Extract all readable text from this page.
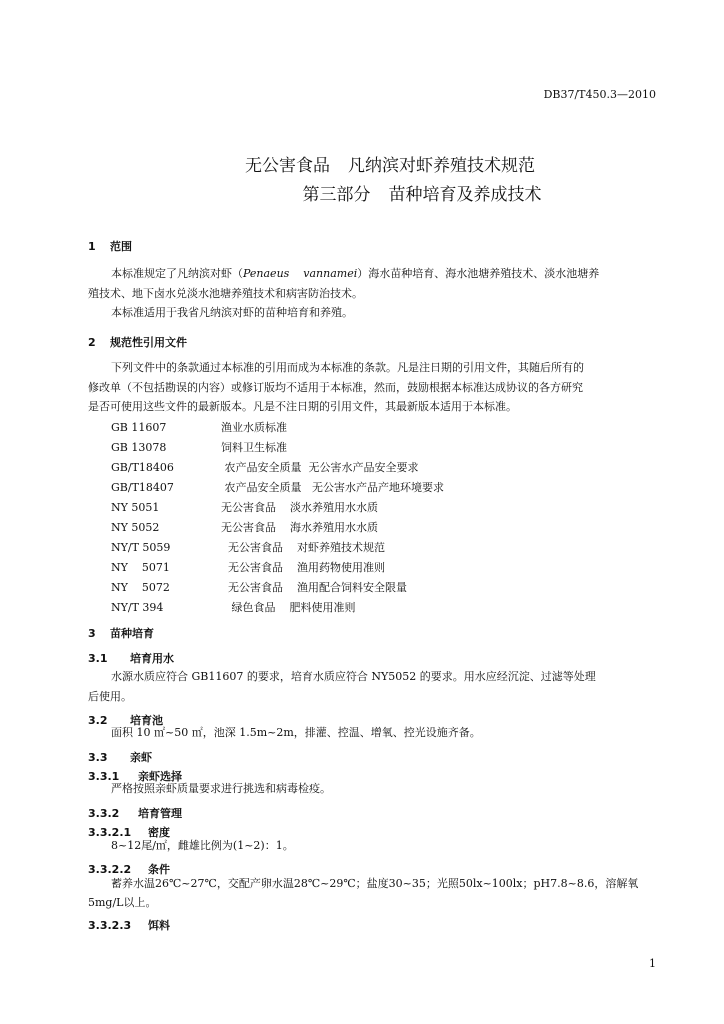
DB37/T450.3—2010
无公害食品 凡纳滨对虾养殖技术规范
第三部分 苗种培育及养成技术
1 范围
本标准规定了凡纳滨对虾（Penaeus    vannamei）海水苗种培育、海水池塘养殖技术、淡水池塘养
殖技术、地下卤水兑淡水池塘养殖技术和病害防治技术。
本标准适用于我省凡纳滨对虾的苗种培育和养殖。
2 规范性引用文件
下列文件中的条款通过本标准的引用而成为本标准的条款。凡是注日期的引用文件，其随后所有的
修改单（不包括勘误的内容）或修订版均不适用于本标准，然而，鼓励根据本标准达成协议的各方研究
是否可使用这些文件的最新版本。凡是不注日期的引用文件，其最新版本适用于本标准。
GB 11607	渔业水质标准
GB 13078	饲料卫生标准
GB/T18406	农产品安全质量  无公害水产品安全要求
GB/T18407	农产品安全质量   无公害水产品产地环境要求
NY 5051	无公害食品    淡水养殖用水水质
NY 5052	无公害食品    海水养殖用水水质
NY/T 5059	无公害食品    对虾养殖技术规范
NY    5071	无公害食品    渔用药物使用准则
NY    5072	无公害食品    渔用配合饲料安全限量
NY/T 394	绿色食品    肥料使用准则
3 苗种培育
3.1 培育用水
水源水质应符合 GB11607 的要求，培育水质应符合 NY5052 的要求。用水应经沉淀、过滤等处理
后使用。
3.2 培育池
面积 10 ㎡~50 ㎡，池深 1.5m~2m，排灌、控温、增氧、控光设施齐备。
3.3 亲虾
3.3.1 亲虾选择
严格按照亲虾质量要求进行挑选和病毒检疫。
3.3.2 培育管理
3.3.2.1 密度
8~12尾/㎡，雌雄比例为(1~2)：1。
3.3.2.2 条件
蓄养水温26℃~27℃，交配产卵水温28℃~29℃；盐度30~35；光照50lx~100lx；pH7.8~8.6，溶解氧
5mg/L以上。
3.3.2.3 饵料
1
